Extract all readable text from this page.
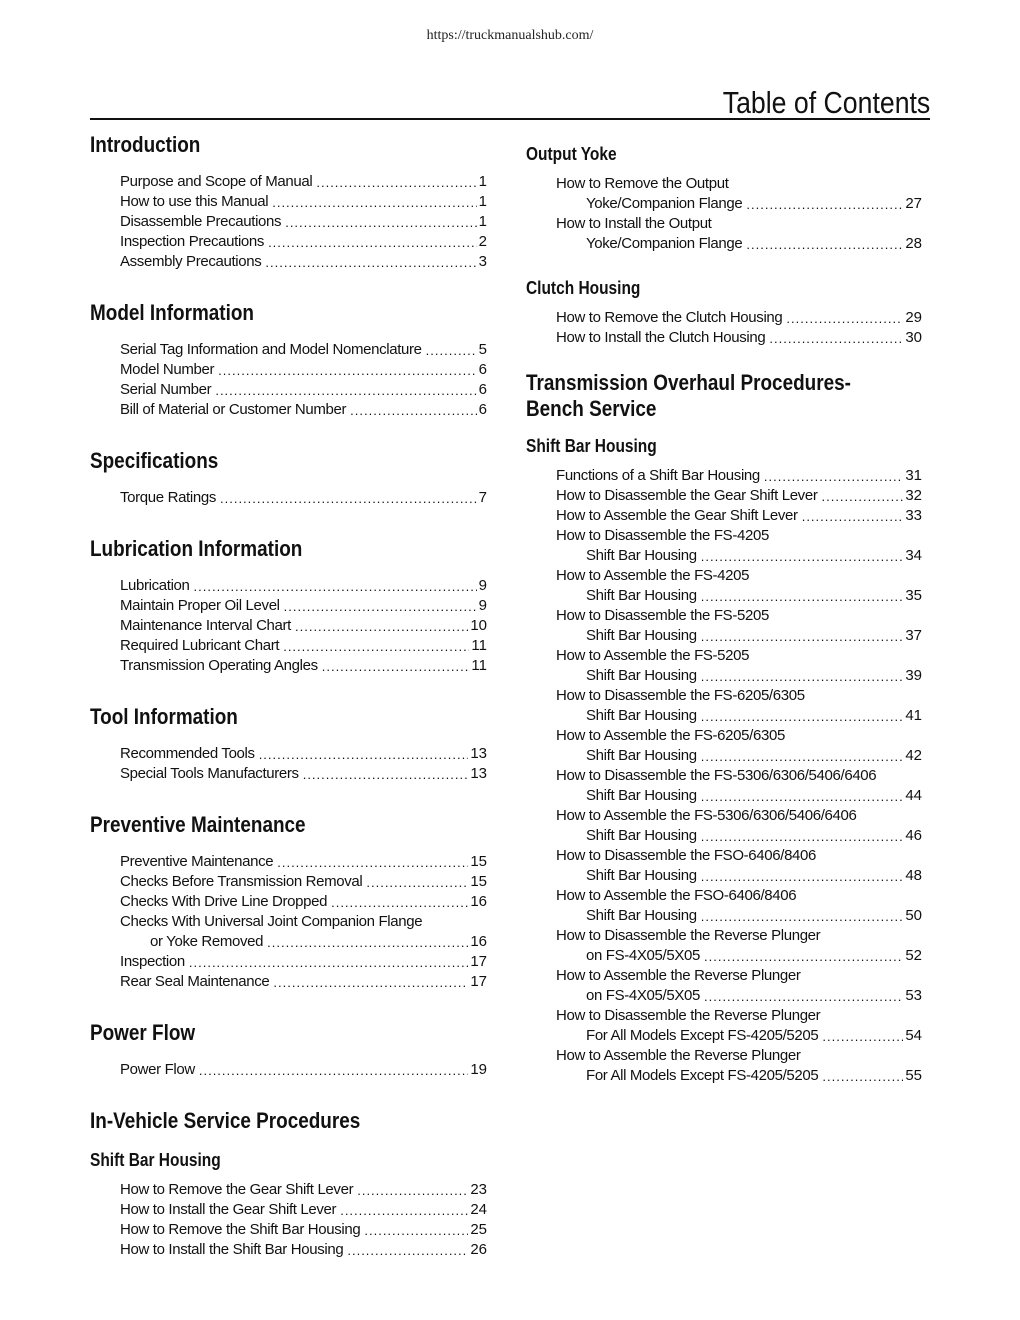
https://truckmanualshub.com/
Table of Contents
Introduction
Purpose and Scope of Manual .....	1
How to use this Manual .....	1
Disassemble Precautions .....	1
Inspection Precautions .....	2
Assembly Precautions .....	3
Model Information
Serial Tag Information and Model Nomenclature .....	5
Model Number .....	6
Serial Number .....	6
Bill of Material or Customer Number .....	6
Specifications
Torque Ratings .....	7
Lubrication Information
Lubrication .....	9
Maintain Proper Oil Level .....	9
Maintenance Interval Chart .....	10
Required Lubricant Chart .....	11
Transmission Operating Angles .....	11
Tool Information
Recommended Tools .....	13
Special Tools Manufacturers .....	13
Preventive Maintenance
Preventive Maintenance .....	15
Checks Before Transmission Removal .....	15
Checks With Drive Line Dropped .....	16
Checks With Universal Joint Companion Flange
or Yoke Removed .....	16
Inspection .....	17
Rear Seal Maintenance .....	17
Power Flow
Power Flow .....	19
In-Vehicle Service Procedures
Shift Bar Housing
How to Remove the Gear Shift Lever .....	23
How to Install the Gear Shift Lever .....	24
How to Remove the Shift Bar Housing .....	25
How to Install the Shift Bar Housing .....	26
Output Yoke
How to Remove the Output
Yoke/Companion Flange .....	27
How to Install the Output
Yoke/Companion Flange .....	28
Clutch Housing
How to Remove the Clutch Housing .....	29
How to Install the Clutch Housing .....	30
Transmission Overhaul Procedures-
Bench Service
Shift Bar Housing
Functions of a Shift Bar Housing .....	31
How to Disassemble the Gear Shift Lever .....	32
How to Assemble the Gear Shift Lever .....	33
How to Disassemble the FS-4205
Shift Bar Housing .....	34
How to Assemble the FS-4205
Shift Bar Housing .....	35
How to Disassemble the FS-5205
Shift Bar Housing .....	37
How to Assemble the FS-5205
Shift Bar Housing .....	39
How to Disassemble the FS-6205/6305
Shift Bar Housing .....	41
How to Assemble the FS-6205/6305
Shift Bar Housing .....	42
How to Disassemble the FS-5306/6306/5406/6406
Shift Bar Housing .....	44
How to Assemble the FS-5306/6306/5406/6406
Shift Bar Housing .....	46
How to Disassemble the FSO-6406/8406
Shift Bar Housing .....	48
How to Assemble the FSO-6406/8406
Shift Bar Housing .....	50
How to Disassemble the Reverse Plunger
on FS-4X05/5X05 .....	52
How to Assemble the Reverse Plunger
on FS-4X05/5X05 .....	53
How to Disassemble the Reverse Plunger
For All Models Except FS-4205/5205 .....	54
How to Assemble the Reverse Plunger
For All Models Except FS-4205/5205 .....	55
